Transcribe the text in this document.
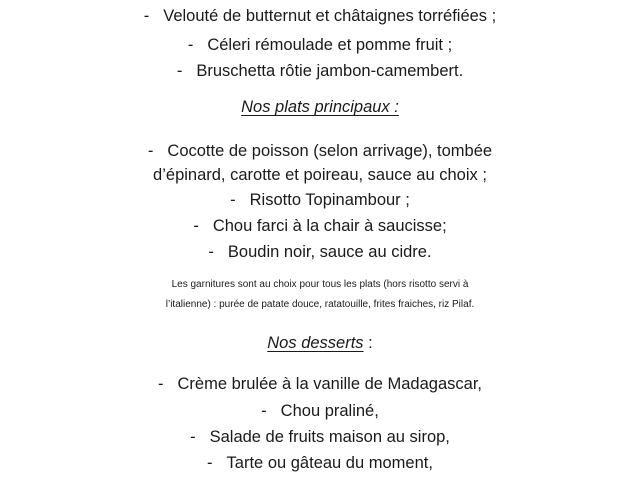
- Velouté de butternut et châtaignes torréfiées ;
- Céleri rémoulade et pomme fruit ;
- Bruschetta rôtie jambon-camembert.
Nos plats principaux :
- Cocotte de poisson (selon arrivage), tombée
d’épinard, carotte et poireau, sauce au choix ;
- Risotto Topinambour ;
- Chou farci à la chair à saucisse;
- Boudin noir, sauce au cidre.
Les garnitures sont au choix pour tous les plats (hors risotto servi à
l’italienne) : purée de patate douce, ratatouille, frites fraiches, riz Pilaf.
Nos desserts :
- Crème brulée à la vanille de Madagascar,
- Chou praliné,
- Salade de fruits maison au sirop,
- Tarte ou gâteau du moment,
